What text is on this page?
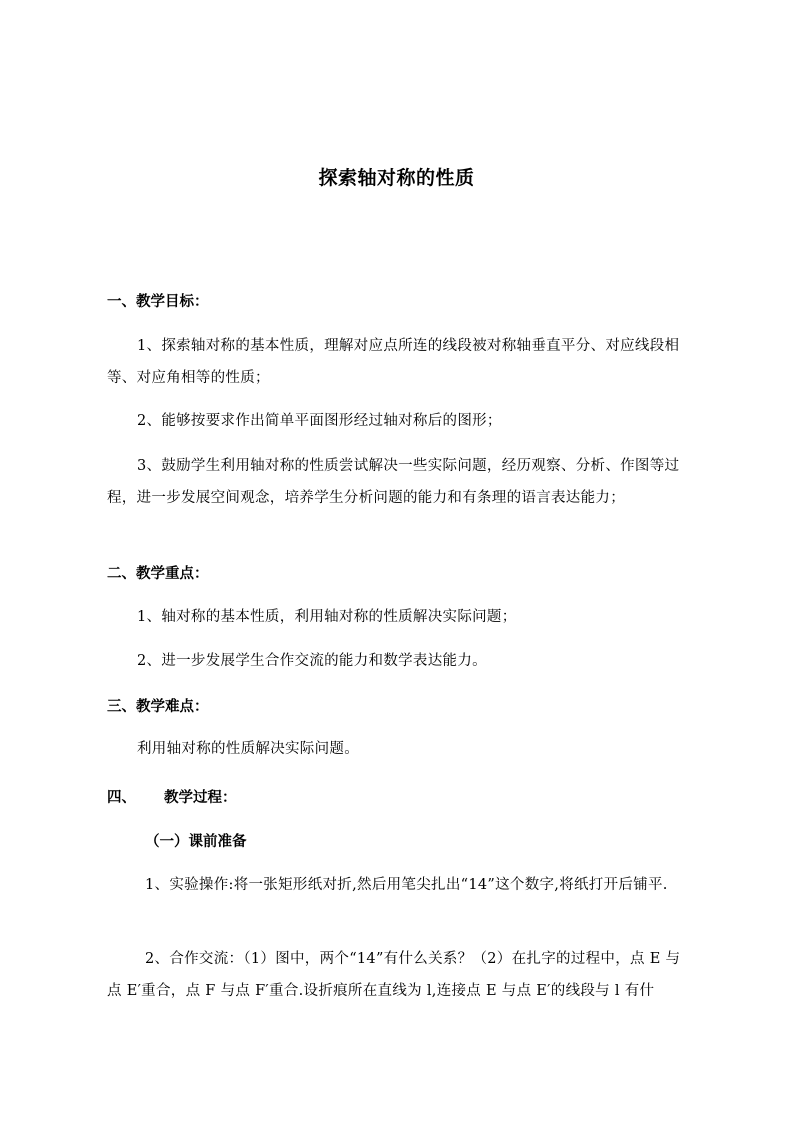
探索轴对称的性质
一、教学目标：
1、探索轴对称的基本性质，理解对应点所连的线段被对称轴垂直平分、对应线段相等、对应角相等的性质；
2、能够按要求作出简单平面图形经过轴对称后的图形；
3、鼓励学生利用轴对称的性质尝试解决一些实际问题，经历观察、分析、作图等过程，进一步发展空间观念，培养学生分析问题的能力和有条理的语言表达能力；
二、教学重点：
1、轴对称的基本性质，利用轴对称的性质解决实际问题；
2、进一步发展学生合作交流的能力和数学表达能力。
三、教学难点：
利用轴对称的性质解决实际问题。
四、 教学过程：
（一）课前准备
1、实验操作:将一张矩形纸对折,然后用笔尖扎出“14”这个数字,将纸打开后铺平.
2、合作交流：（1）图中，两个“14”有什么关系？（2）在扎字的过程中，点 E 与点 E′重合，点 F 与点 F′重合.设折痕所在直线为 l,连接点 E 与点 E′的线段与 l 有什
